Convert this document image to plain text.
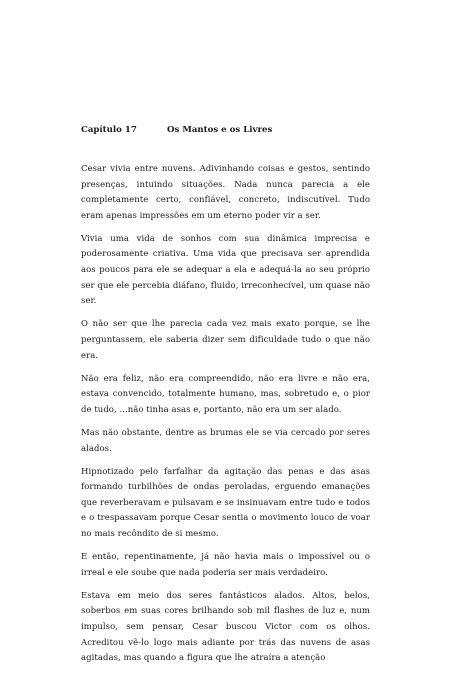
Capítulo 17	Os Mantos e os Livres

Cesar vivia entre nuvens. Adivinhando coisas e gestos, sentindo presenças, intuindo situações. Nada nunca parecia a ele completamente certo, confiável, concreto, indiscutível. Tudo eram apenas impressões em um eterno poder vir a ser.

Vivia uma vida de sonhos com sua dinâmica imprecisa e poderosamente criativa. Uma vida que precisava ser aprendida aos poucos para ele se adequar a ela e adequá-la ao seu próprio ser que ele percebia diáfano, fluido, irreconhecível, um quase não ser.

O não ser que lhe parecia cada vez mais exato porque, se lhe perguntassem, ele saberia dizer sem dificuldade tudo o que não era.

Não era feliz, não era compreendido, não era livre e não era, estava convencido, totalmente humano, mas, sobretudo e, o pior de tudo, ...não tinha asas e, portanto, não era um ser alado.

Mas não obstante, dentre as brumas ele se via cercado por seres alados.

Hipnotizado pelo farfalhar da agitação das penas e das asas formando turbilhões de ondas peroladas, erguendo emanações que reverberavam e pulsavam e se insinuavam entre tudo e todos e o trespassavam porque Cesar sentia o movimento louco de voar no mais recôndito de si mesmo.

E então, repentinamente, já não havia mais o impossível ou o irreal e ele soube que nada poderia ser mais verdadeiro.

Estava em meio dos seres fantásticos alados. Altos, belos, soberbos em suas cores brilhando sob mil flashes de luz e, num impulso, sem pensar, Cesar buscou Victor com os olhos. Acreditou vê-lo logo mais adiante por trás das nuvens de asas agitadas, mas quando a figura que lhe atraíra a atenção
